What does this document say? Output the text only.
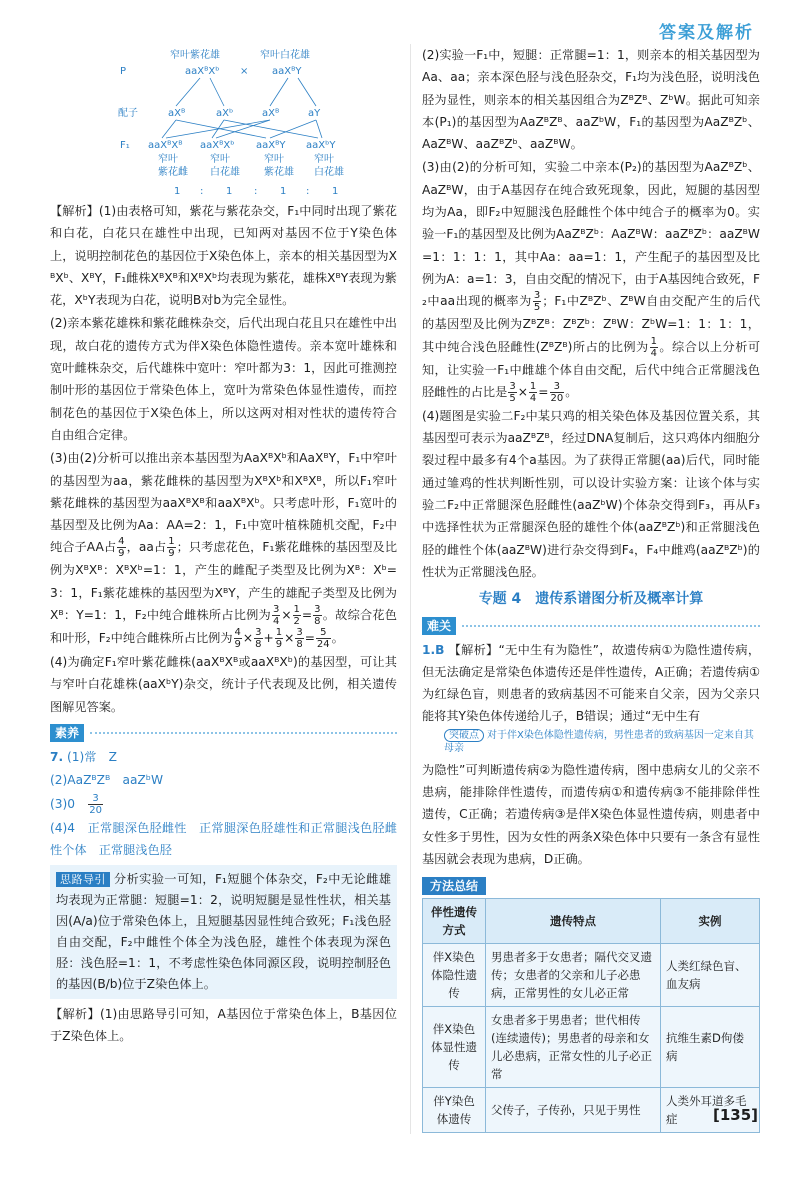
答案及解析
P
配子
F₁
窄叶紫花雄	窄叶白花雄
aaXᴮXᵇ × aaXᴮY
aXᴮ	aXᵇ	aXᴮ	aY
aaXᴮXᴮ aaXᴮXᵇ aaXᴮY aaXᵇY
窄叶紫花雌
窄叶白花雄
窄叶紫花雄
窄叶白花雄
1 : 1 : 1 : 1

【解析】(1)由表格可知，紫花与紫花杂交，F₁中同时出现了紫花和白花，白花只在雄性中出现，已知两对基因不位于Y染色体上，说明控制花色的基因位于X染色体上，亲本的相关基因型为XᴮXᵇ、XᴮY，F₁雌株XᴮXᴮ和XᴮXᵇ均表现为紫花，雄株XᴮY表现为紫花，XᵇY表现为白花，说明B对b为完全显性。

(2)亲本紫花雄株和紫花雌株杂交，后代出现白花且只在雄性中出现，故白花的遗传方式为伴X染色体隐性遗传。亲本宽叶雄株和宽叶雌株杂交，后代雄株中宽叶：窄叶都为3：1，因此可推测控制叶形的基因位于常染色体上，宽叶为常染色体显性遗传，而控制花色的基因位于X染色体上，所以这两对相对性状的遗传符合自由组合定律。

(3)由(2)分析可以推出亲本基因型为AaXᴮXᵇ和AaXᴮY，F₁中窄叶的基因型为aa，紫花雌株的基因型为XᴮXᵇ和XᴮXᴮ，所以F₁窄叶紫花雌株的基因型为aaXᴮXᴮ和aaXᴮXᵇ。只考虑叶形，F₁宽叶的基因型及比例为Aa：AA=2：1，F₁中宽叶植株随机交配，F₂中纯合子AA占 $\frac{4}{9}$ ，aa占 $\frac{1}{9}$ ；只考虑花色，F₁紫花雌株的基因型及比例为XᴮXᴮ：XᴮXᵇ=1：1，产生的雌配子类型及比例为Xᴮ：Xᵇ=3：1，F₁紫花雄株的基因型为XᴮY，产生的雄配子类型及比例为Xᴮ：Y=1：1，F₂中纯合雌株所占比例为 $\frac{3}{4} \times \frac{1}{2} = \frac{3}{8}$ 。故综合花色和叶形，F₂中纯合雌株所占比例为 $\frac{4}{9} \times \frac{3}{8} + \frac{1}{9} \times \frac{3}{8} = \frac{5}{24}$ 。

(4)为确定F₁窄叶紫花雌株(aaXᴮXᴮ或aaXᴮXᵇ)的基因型，可让其与窄叶白花雄株(aaXᵇY)杂交，统计子代表现及比例，相关遗传图解见答案。

素养

7. (1)常　Z

(2)AaZᴮZᴮ　aaZᵇW

(3)0　 $\frac{3}{20}$

(4)4　正常腿深色胫雌性　正常腿深色胫雄性和正常腿浅色胫雌性个体　正常腿浅色胫

思路导引 分析实验一可知，F₁短腿个体杂交，F₂中无论雌雄均表现为正常腿：短腿=1：2，说明短腿是显性性状，相关基因(A/a)位于常染色体上，且短腿基因显性纯合致死；F₁浅色胫自由交配，F₂中雌性个体全为浅色胫，雄性个体表现为深色胫：浅色胫=1：1，不考虑性染色体同源区段，说明控制胫色的基因(B/b)位于Z染色体上。

【解析】(1)由思路导引可知，A基因位于常染色体上，B基因位于Z染色体上。

(2)实验一F₁中，短腿：正常腿=1：1，则亲本的相关基因型为Aa、aa；亲本深色胫与浅色胫杂交，F₁均为浅色胫，说明浅色胫为显性，则亲本的相关基因组合为ZᴮZᴮ、ZᵇW。据此可知亲本(P₁)的基因型为AaZᴮZᴮ、aaZᵇW，F₁的基因型为AaZᴮZᵇ、AaZᴮW、aaZᴮZᵇ、aaZᴮW。

(3)由(2)的分析可知，实验二中亲本(P₂)的基因型为AaZᴮZᵇ、AaZᴮW，由于A基因存在纯合致死现象，因此，短腿的基因型均为Aa，即F₂中短腿浅色胫雌性个体中纯合子的概率为0。实验一F₁的基因型及比例为AaZᴮZᵇ：AaZᴮW：aaZᴮZᵇ：aaZᴮW=1：1：1：1，其中Aa：aa=1：1，产生配子的基因型及比例为A：a=1：3，自由交配的情况下，由于A基因纯合致死，F₂中aa出现的概率为 $\frac{3}{5}$ ；F₁中ZᴮZᵇ、ZᴮW自由交配产生的后代的基因型及比例为ZᴮZᴮ：ZᴮZᵇ：ZᴮW：ZᵇW=1：1：1：1，其中纯合浅色胫雌性(ZᴮZᴮ)所占的比例为 $\frac{1}{4}$ 。综合以上分析可知，让实验一F₁中雌雄个体自由交配，后代中纯合正常腿浅色胫雌性的占比是 $\frac{3}{5} \times \frac{1}{4} = \frac{3}{20}$ 。

(4)题图是实验二F₂中某只鸡的相关染色体及基因位置关系，其基因型可表示为aaZᴮZᴮ，经过DNA复制后，这只鸡体内细胞分裂过程中最多有4个a基因。为了获得正常腿(aa)后代，同时能通过雏鸡的性状判断性别，可以设计实验方案：让该个体与实验二F₂中正常腿深色胫雌性(aaZᵇW)个体杂交得到F₃，再从F₃中选择性状为正常腿深色胫的雄性个体(aaZᴮZᵇ)和正常腿浅色胫的雌性个体(aaZᴮW)进行杂交得到F₄，F₄中雌鸡(aaZᴮZᵇ)的性状为正常腿浅色胫。

专题 4　遗传系谱图分析及概率计算
难关

1.B 【解析】“无中生有为隐性”，故遗传病①为隐性遗传病，但无法确定是常染色体遗传还是伴性遗传，A正确；若遗传病①为红绿色盲，则患者的致病基因不可能来自父亲，因为父亲只能将其Y染色体传递给儿子，B错误；通过“无中生有

突破点 对于伴X染色体隐性遗传病，男性患者的致病基因一定来自其母亲

为隐性”可判断遗传病②为隐性遗传病，图中患病女儿的父亲不患病，能排除伴性遗传，而遗传病①和遗传病③不能排除伴性遗传，C正确；若遗传病③是伴X染色体显性遗传病，则患者中女性多于男性，因为女性的两条X染色体中只要有一条含有显性基因就会表现为患病，D正确。

方法总结
伴性遗传方式	遗传特点	实例
伴X染色体隐性遗传	男患者多于女患者；隔代交叉遗传；女患者的父亲和儿子必患病，正常男性的女儿必正常	人类红绿色盲、血友病
伴X染色体显性遗传	女患者多于男患者；世代相传(连续遗传)；男患者的母亲和女儿必患病，正常女性的儿子必正常	抗维生素D佝偻病
伴Y染色体遗传	父传子，子传孙，只见于男性	人类外耳道多毛症 [135]
